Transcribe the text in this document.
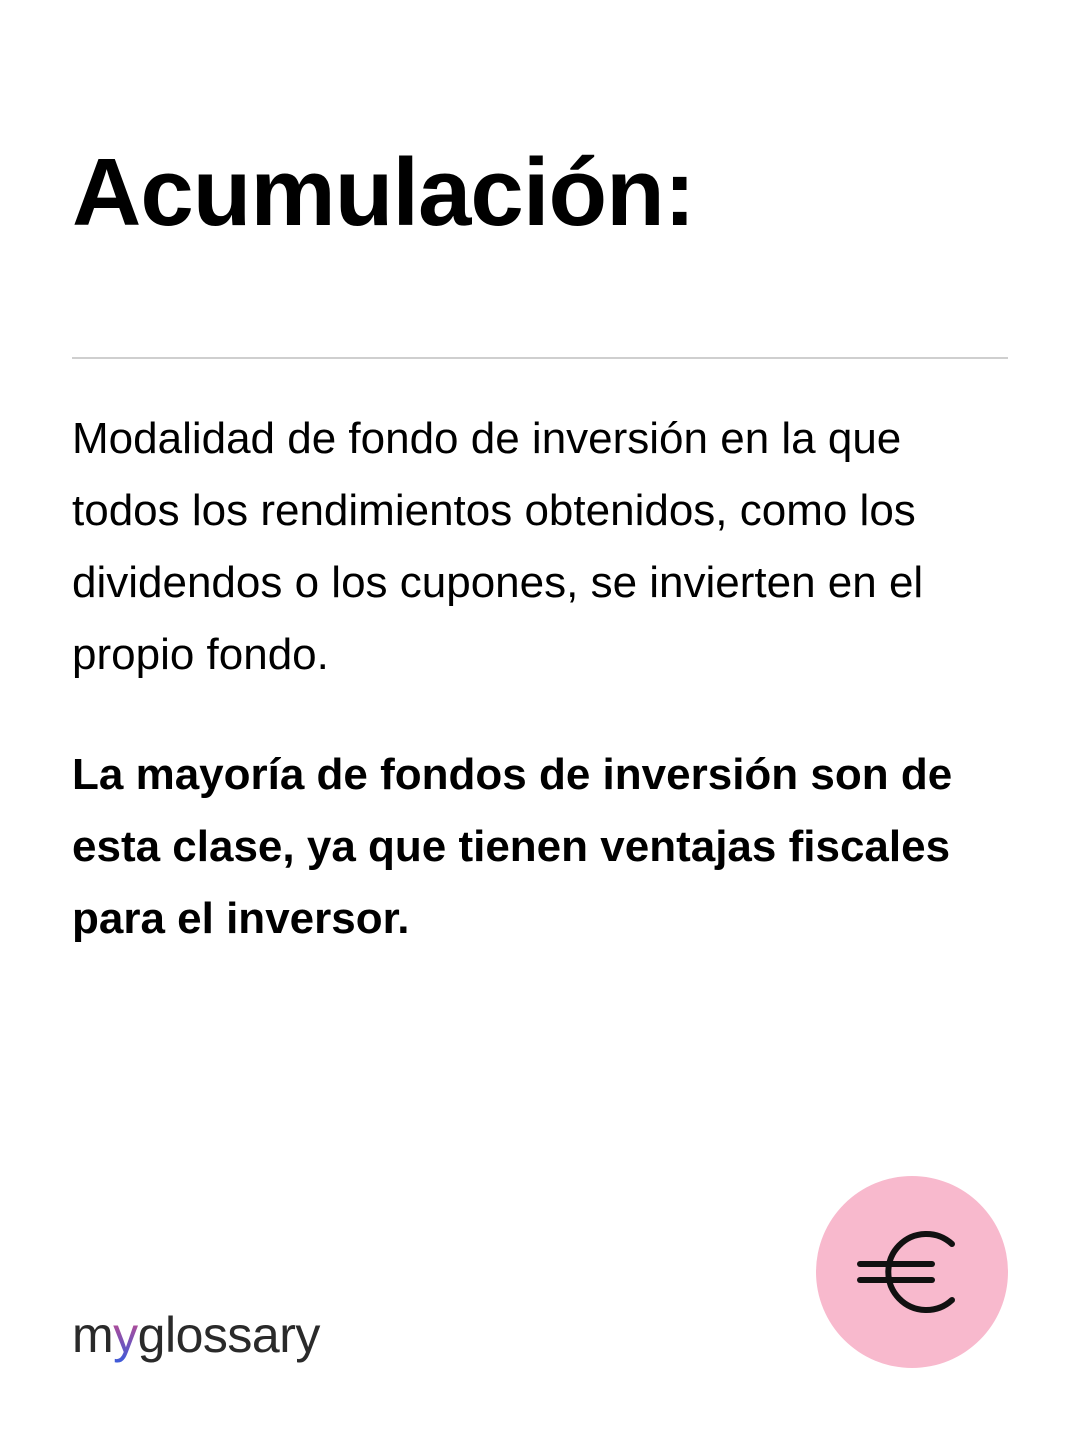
Acumulación:

Modalidad de fondo de inversión en la que todos los rendimientos obtenidos, como los dividendos o los cupones, se invierten en el propio fondo.

La mayoría de fondos de inversión son de esta clase, ya que tienen ventajas fiscales para el inversor.

myglossary
